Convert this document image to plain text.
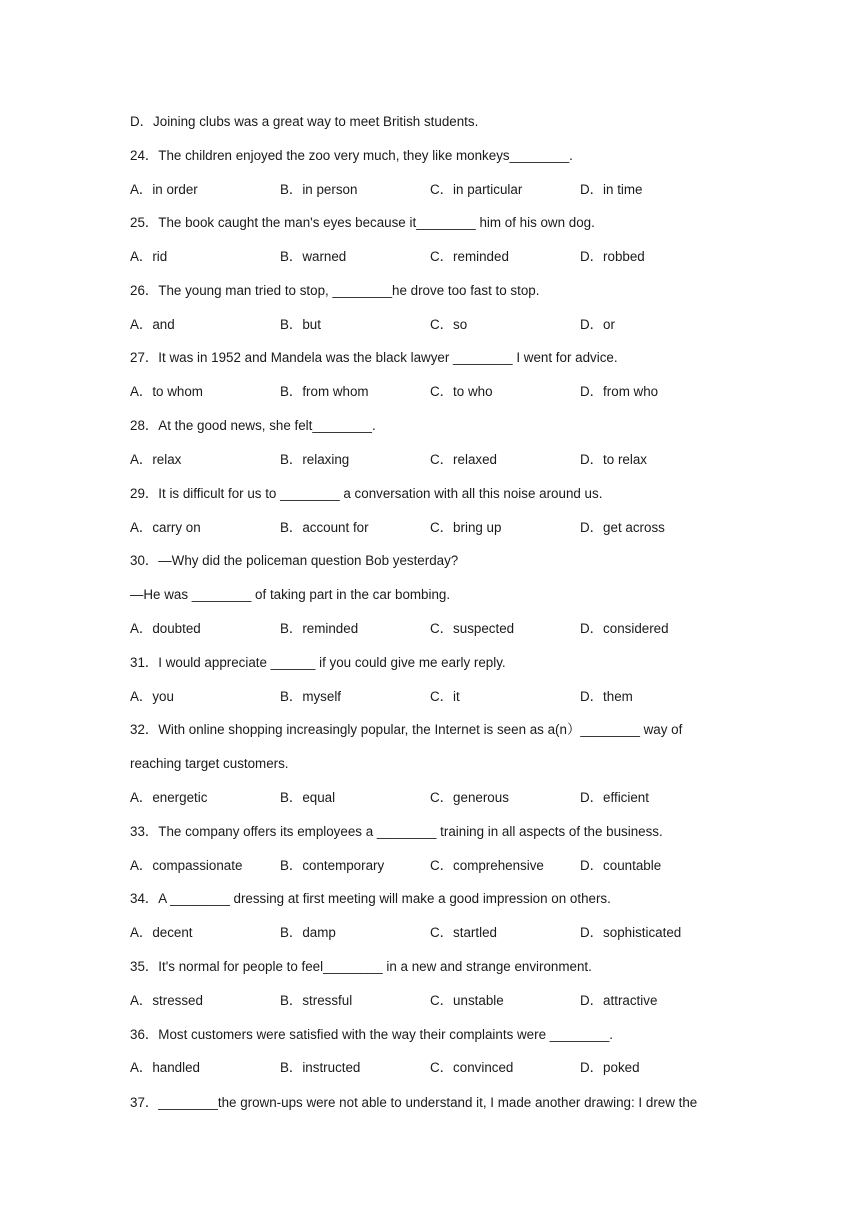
D．Joining clubs was a great way to meet British students.
24．The children enjoyed the zoo very much, they like monkeys________.
A．in order	B．in person	C．in particular	D．in time
25．The book caught the man's eyes because it________ him of his own dog.
A．rid	B．warned	C．reminded	D．robbed
26．The young man tried to stop, ________he drove too fast to stop.
A．and	B．but	C．so	D．or
27．It was in 1952 and Mandela was the black lawyer ________ I went for advice.
A．to whom	B．from whom	C．to who	D．from who
28．At the good news, she felt________.
A．relax	B．relaxing	C．relaxed	D．to relax
29．It is difficult for us to ________ a conversation with all this noise around us.
A．carry on	B．account for	C．bring up	D．get across
30．—Why did the policeman question Bob yesterday?
—He was ________ of taking part in the car bombing.
A．doubted	B．reminded	C．suspected	D．considered
31．I would appreciate ______ if you could give me early reply.
A．you	B．myself	C．it	D．them
32．With online shopping increasingly popular, the Internet is seen as a(n）________ way of
reaching target customers.
A．energetic	B．equal	C．generous	D．efficient
33．The company offers its employees a ________ training in all aspects of the business.
A．compassionate	B．contemporary	C．comprehensive	D．countable
34．A ________ dressing at first meeting will make a good impression on others.
A．decent	B．damp	C．startled	D．sophisticated
35．It's normal for people to feel________ in a new and strange environment.
A．stressed	B．stressful	C．unstable	D．attractive
36．Most customers were satisfied with the way their complaints were ________.
A．handled	B．instructed	C．convinced	D．poked
37．________the grown-ups were not able to understand it, I made another drawing: I drew the
